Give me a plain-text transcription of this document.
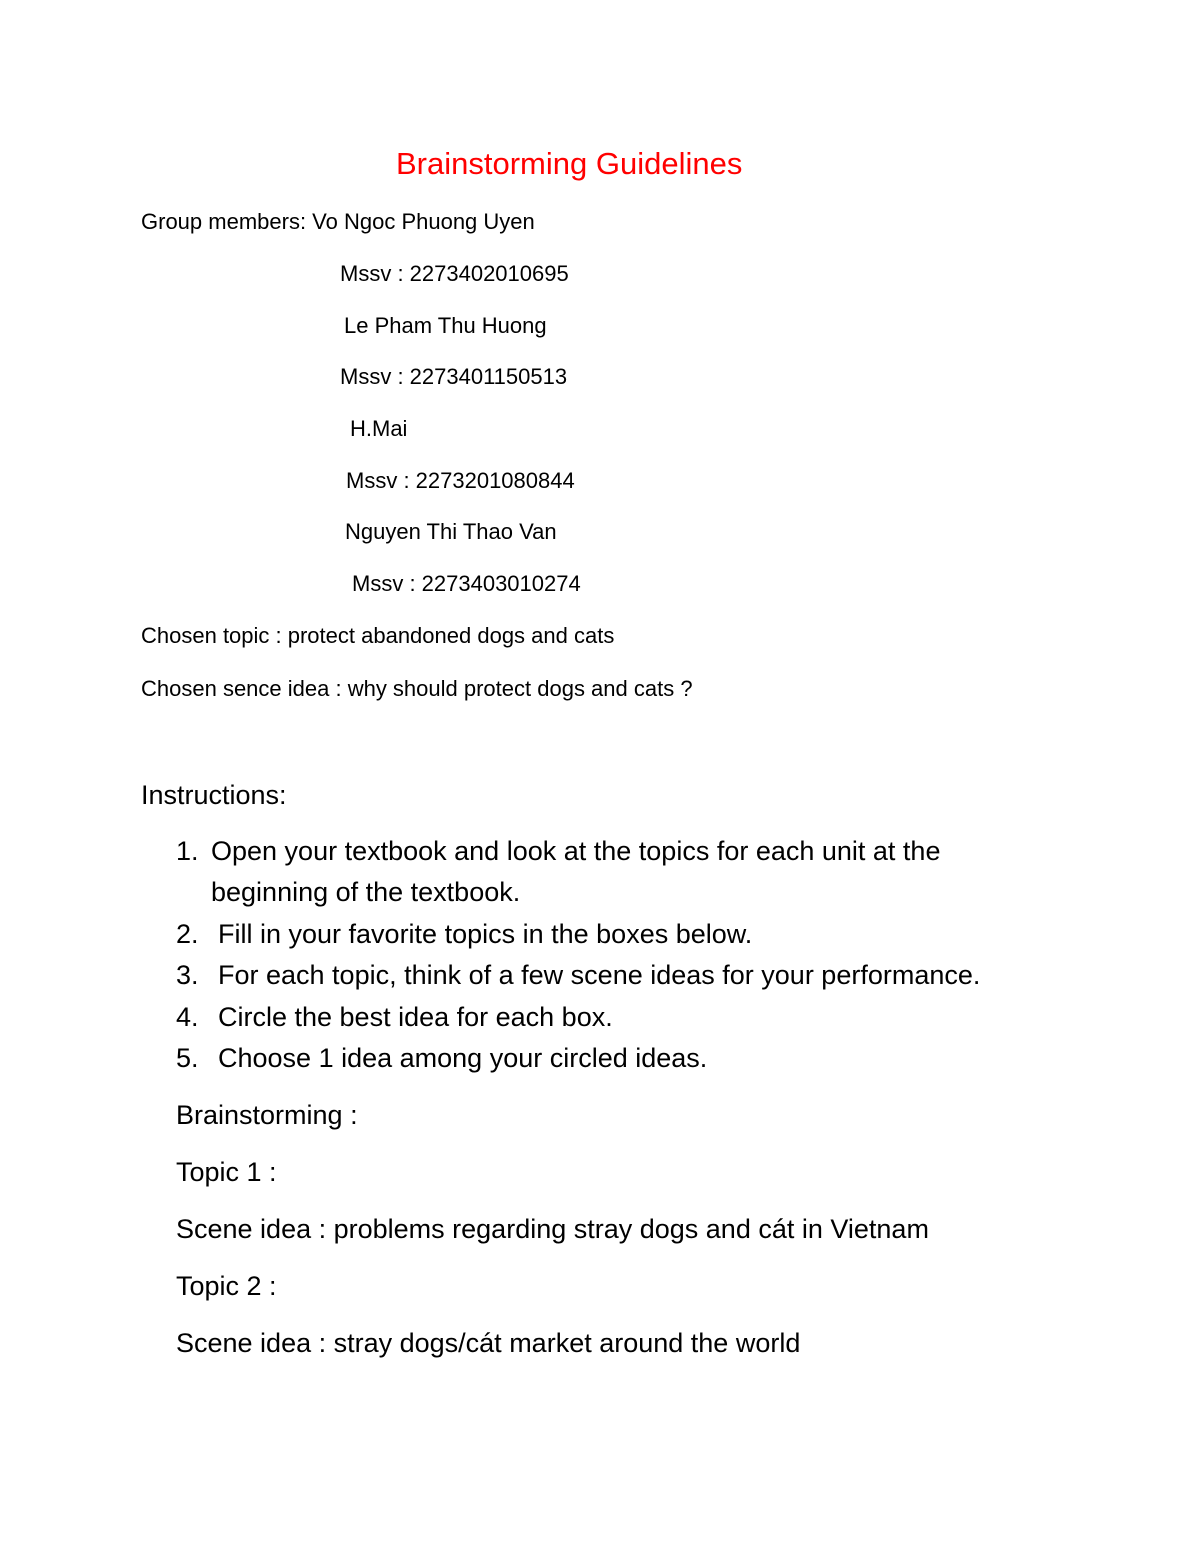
Brainstorming Guidelines
Group members: Vo Ngoc Phuong Uyen
Mssv : 2273402010695
Le Pham Thu Huong
Mssv : 2273401150513
H.Mai
Mssv : 2273201080844
Nguyen Thi Thao Van
Mssv : 2273403010274
Chosen topic : protect abandoned dogs and cats
Chosen sence idea : why should protect dogs and cats ?
Instructions:
1. Open your textbook and look at the topics for each unit at the
beginning of the textbook.
2. Fill in your favorite topics in the boxes below.
3. For each topic, think of a few scene ideas for your performance.
4. Circle the best idea for each box.
5. Choose 1 idea among your circled ideas.
Brainstorming :
Topic 1 :
Scene idea : problems regarding stray dogs and cát in Vietnam
Topic 2 :
Scene idea : stray dogs/cát market around the world
